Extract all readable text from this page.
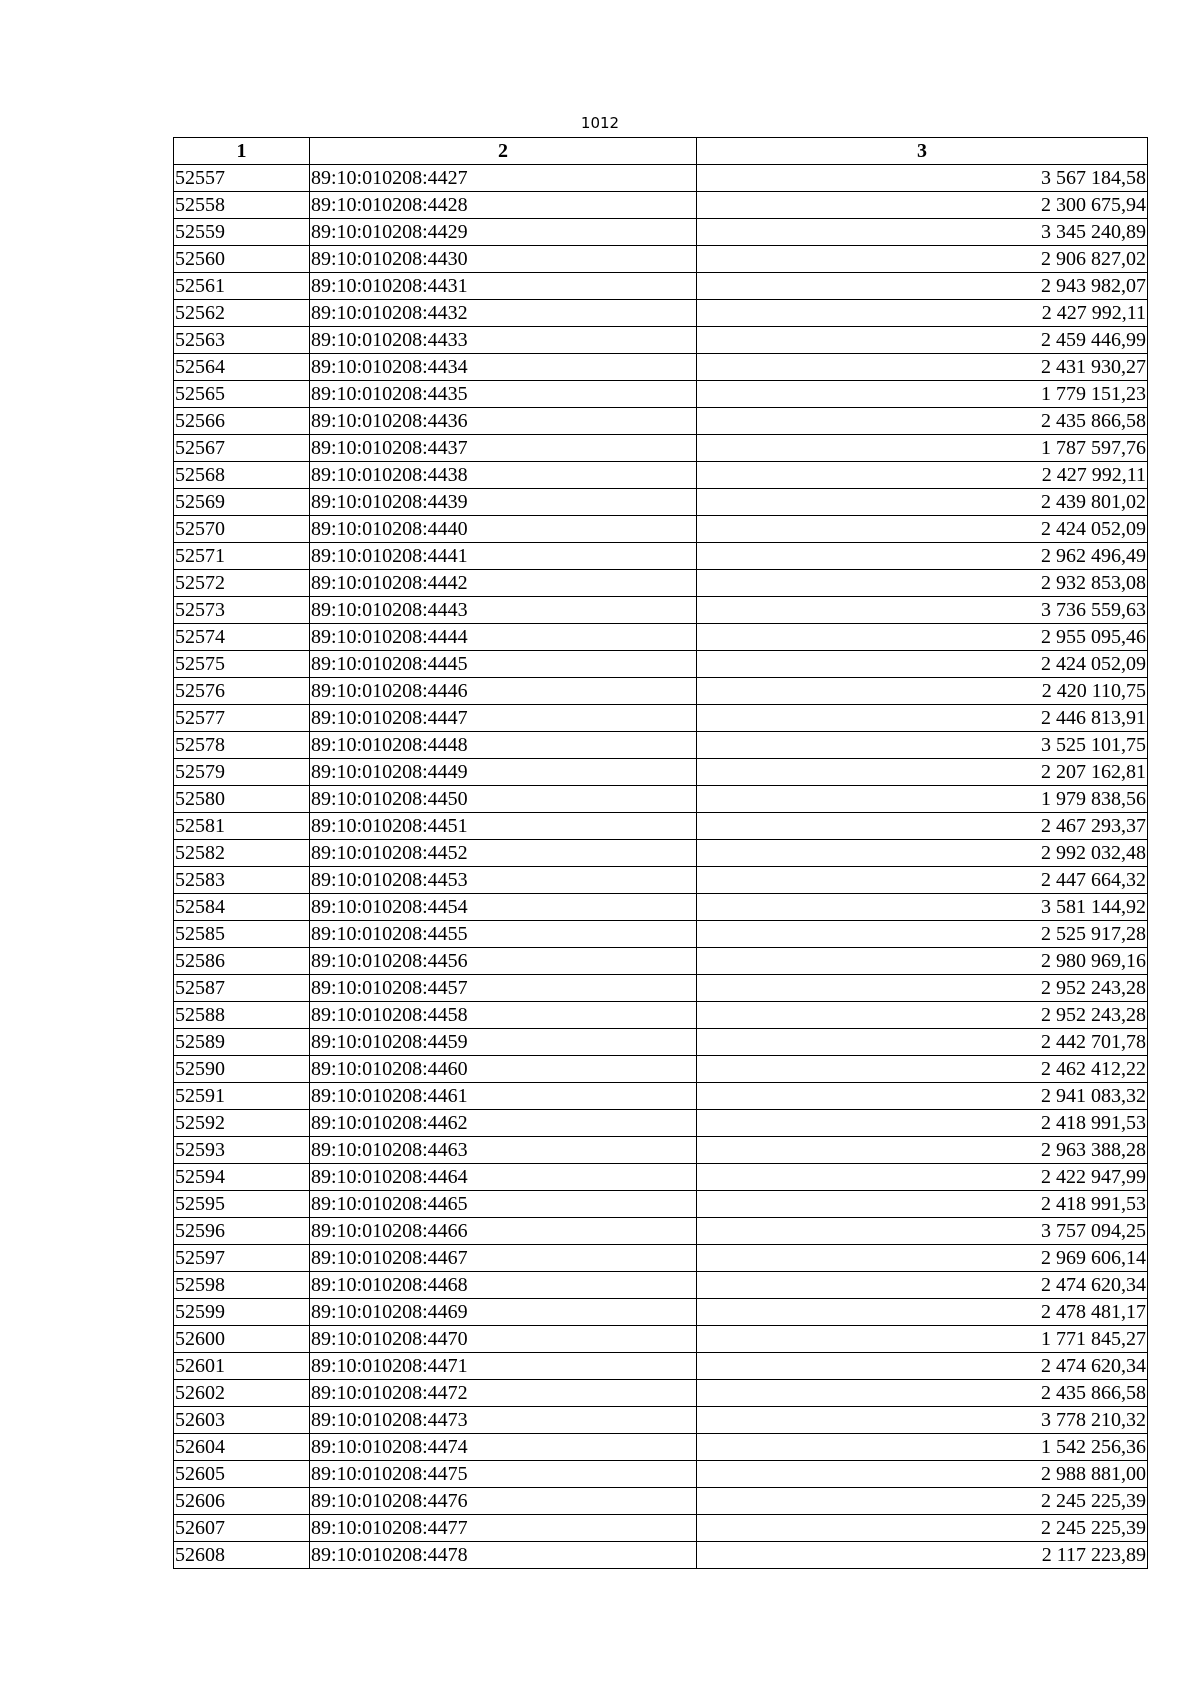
1012
1	2	3
52557	89:10:010208:4427	3 567 184,58
52558	89:10:010208:4428	2 300 675,94
52559	89:10:010208:4429	3 345 240,89
52560	89:10:010208:4430	2 906 827,02
52561	89:10:010208:4431	2 943 982,07
52562	89:10:010208:4432	2 427 992,11
52563	89:10:010208:4433	2 459 446,99
52564	89:10:010208:4434	2 431 930,27
52565	89:10:010208:4435	1 779 151,23
52566	89:10:010208:4436	2 435 866,58
52567	89:10:010208:4437	1 787 597,76
52568	89:10:010208:4438	2 427 992,11
52569	89:10:010208:4439	2 439 801,02
52570	89:10:010208:4440	2 424 052,09
52571	89:10:010208:4441	2 962 496,49
52572	89:10:010208:4442	2 932 853,08
52573	89:10:010208:4443	3 736 559,63
52574	89:10:010208:4444	2 955 095,46
52575	89:10:010208:4445	2 424 052,09
52576	89:10:010208:4446	2 420 110,75
52577	89:10:010208:4447	2 446 813,91
52578	89:10:010208:4448	3 525 101,75
52579	89:10:010208:4449	2 207 162,81
52580	89:10:010208:4450	1 979 838,56
52581	89:10:010208:4451	2 467 293,37
52582	89:10:010208:4452	2 992 032,48
52583	89:10:010208:4453	2 447 664,32
52584	89:10:010208:4454	3 581 144,92
52585	89:10:010208:4455	2 525 917,28
52586	89:10:010208:4456	2 980 969,16
52587	89:10:010208:4457	2 952 243,28
52588	89:10:010208:4458	2 952 243,28
52589	89:10:010208:4459	2 442 701,78
52590	89:10:010208:4460	2 462 412,22
52591	89:10:010208:4461	2 941 083,32
52592	89:10:010208:4462	2 418 991,53
52593	89:10:010208:4463	2 963 388,28
52594	89:10:010208:4464	2 422 947,99
52595	89:10:010208:4465	2 418 991,53
52596	89:10:010208:4466	3 757 094,25
52597	89:10:010208:4467	2 969 606,14
52598	89:10:010208:4468	2 474 620,34
52599	89:10:010208:4469	2 478 481,17
52600	89:10:010208:4470	1 771 845,27
52601	89:10:010208:4471	2 474 620,34
52602	89:10:010208:4472	2 435 866,58
52603	89:10:010208:4473	3 778 210,32
52604	89:10:010208:4474	1 542 256,36
52605	89:10:010208:4475	2 988 881,00
52606	89:10:010208:4476	2 245 225,39
52607	89:10:010208:4477	2 245 225,39
52608	89:10:010208:4478	2 117 223,89
